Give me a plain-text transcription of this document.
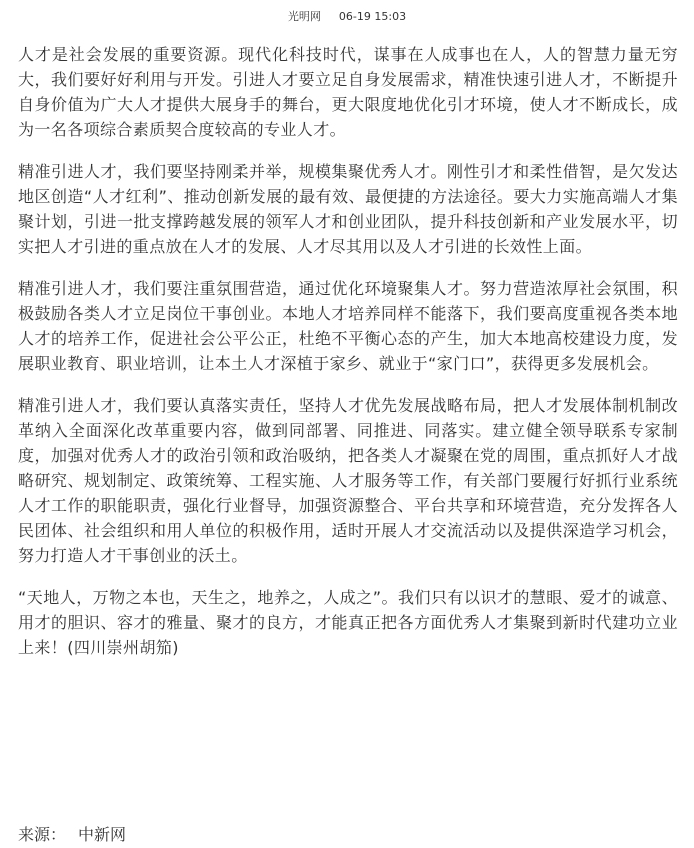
光明网 06-19 15:03

人才是社会发展的重要资源。现代化科技时代，谋事在人成事也在人，人的智慧力量无穷大，我们要好好利用与开发。引进人才要立足自身发展需求，精准快速引进人才，不断提升自身价值为广大人才提供大展身手的舞台，更大限度地优化引才环境，使人才不断成长，成为一名各项综合素质契合度较高的专业人才。

精准引进人才，我们要坚持刚柔并举，规模集聚优秀人才。刚性引才和柔性借智，是欠发达地区创造“人才红利”、推动创新发展的最有效、最便捷的方法途径。要大力实施高端人才集聚计划，引进一批支撑跨越发展的领军人才和创业团队，提升科技创新和产业发展水平，切实把人才引进的重点放在人才的发展、人才尽其用以及人才引进的长效性上面。

精准引进人才，我们要注重氛围营造，通过优化环境聚集人才。努力营造浓厚社会氛围，积极鼓励各类人才立足岗位干事创业。本地人才培养同样不能落下，我们要高度重视各类本地人才的培养工作，促进社会公平公正，杜绝不平衡心态的产生，加大本地高校建设力度，发展职业教育、职业培训，让本土人才深植于家乡、就业于“家门口”，获得更多发展机会。

精准引进人才，我们要认真落实责任，坚持人才优先发展战略布局，把人才发展体制机制改革纳入全面深化改革重要内容，做到同部署、同推进、同落实。建立健全领导联系专家制度，加强对优秀人才的政治引领和政治吸纳，把各类人才凝聚在党的周围，重点抓好人才战略研究、规划制定、政策统筹、工程实施、人才服务等工作，有关部门要履行好抓行业系统人才工作的职能职责，强化行业督导，加强资源整合、平台共享和环境营造，充分发挥各人民团体、社会组织和用人单位的积极作用，适时开展人才交流活动以及提供深造学习机会，努力打造人才干事创业的沃土。

“天地人，万物之本也，天生之，地养之，人成之”。我们只有以识才的慧眼、爱才的诚意、用才的胆识、容才的雅量、聚才的良方，才能真正把各方面优秀人才集聚到新时代建功立业上来！(四川崇州胡笳)

来源： 中新网
